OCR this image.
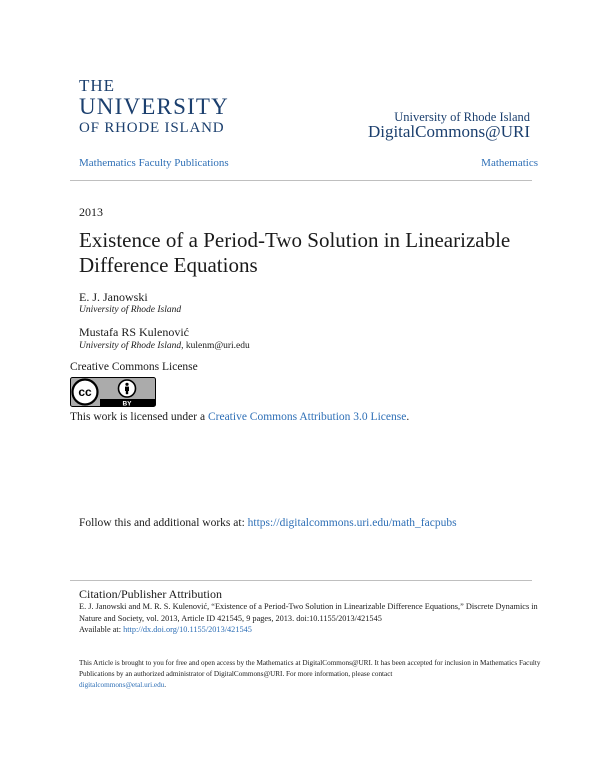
THE
UNIVERSITY
OF RHODE ISLAND
University of Rhode Island
DigitalCommons@URI
Mathematics Faculty Publications	Mathematics
2013
Existence of a Period-Two Solution in Linearizable Difference Equations
E. J. Janowski
University of Rhode Island
Mustafa RS Kulenović
University of Rhode Island, kulenm@uri.edu
Creative Commons License
cc
BY
This work is licensed under a Creative Commons Attribution 3.0 License.
Follow this and additional works at: https://digitalcommons.uri.edu/math_facpubs
Citation/Publisher Attribution
E. J. Janowski and M. R. S. Kulenović, “Existence of a Period-Two Solution in Linearizable Difference Equations,” Discrete Dynamics in Nature and Society, vol. 2013, Article ID 421545, 9 pages, 2013. doi:10.1155/2013/421545
Available at: http://dx.doi.org/10.1155/2013/421545
This Article is brought to you for free and open access by the Mathematics at DigitalCommons@URI. It has been accepted for inclusion in Mathematics Faculty Publications by an authorized administrator of DigitalCommons@URI. For more information, please contact
digitalcommons@etal.uri.edu.
